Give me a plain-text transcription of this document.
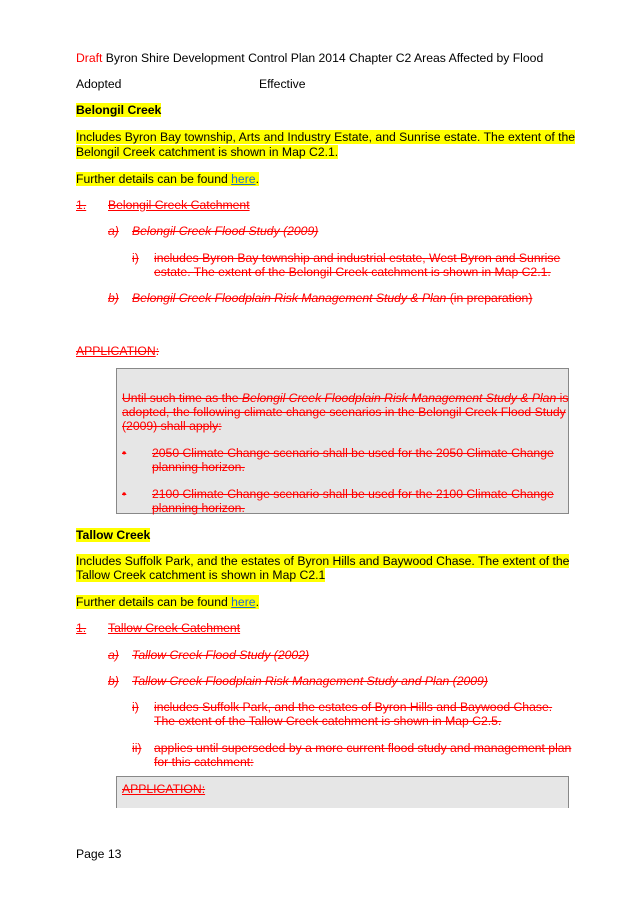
Draft Byron Shire Development Control Plan 2014 Chapter C2 Areas Affected by Flood
Adopted	Effective
Belongil Creek
Includes Byron Bay township, Arts and Industry Estate, and Sunrise estate. The extent of the
Belongil Creek catchment is shown in Map C2.1.
Further details can be found here.
1. Belongil Creek Catchment
a) Belongil Creek Flood Study (2009)
i) includes Byron Bay township and industrial estate, West Byron and Sunrise
estate. The extent of the Belongil Creek catchment is shown in Map C2.1.
b) Belongil Creek Floodplain Risk Management Study & Plan (in preparation)
APPLICATION:
Until such time as the Belongil Creek Floodplain Risk Management Study & Plan is
adopted, the following climate change scenarios in the Belongil Creek Flood Study
(2009) shall apply:
• 2050 Climate Change scenario shall be used for the 2050 Climate Change
planning horizon.
• 2100 Climate Change scenario shall be used for the 2100 Climate Change
planning horizon.
Tallow Creek
Includes Suffolk Park, and the estates of Byron Hills and Baywood Chase. The extent of the
Tallow Creek catchment is shown in Map C2.1
Further details can be found here.
1. Tallow Creek Catchment
a) Tallow Creek Flood Study (2002)
b) Tallow Creek Floodplain Risk Management Study and Plan (2009)
i) includes Suffolk Park, and the estates of Byron Hills and Baywood Chase.
The extent of the Tallow Creek catchment is shown in Map C2.5.
ii) applies until superseded by a more current flood study and management plan
for this catchment:
APPLICATION:
Page 13
